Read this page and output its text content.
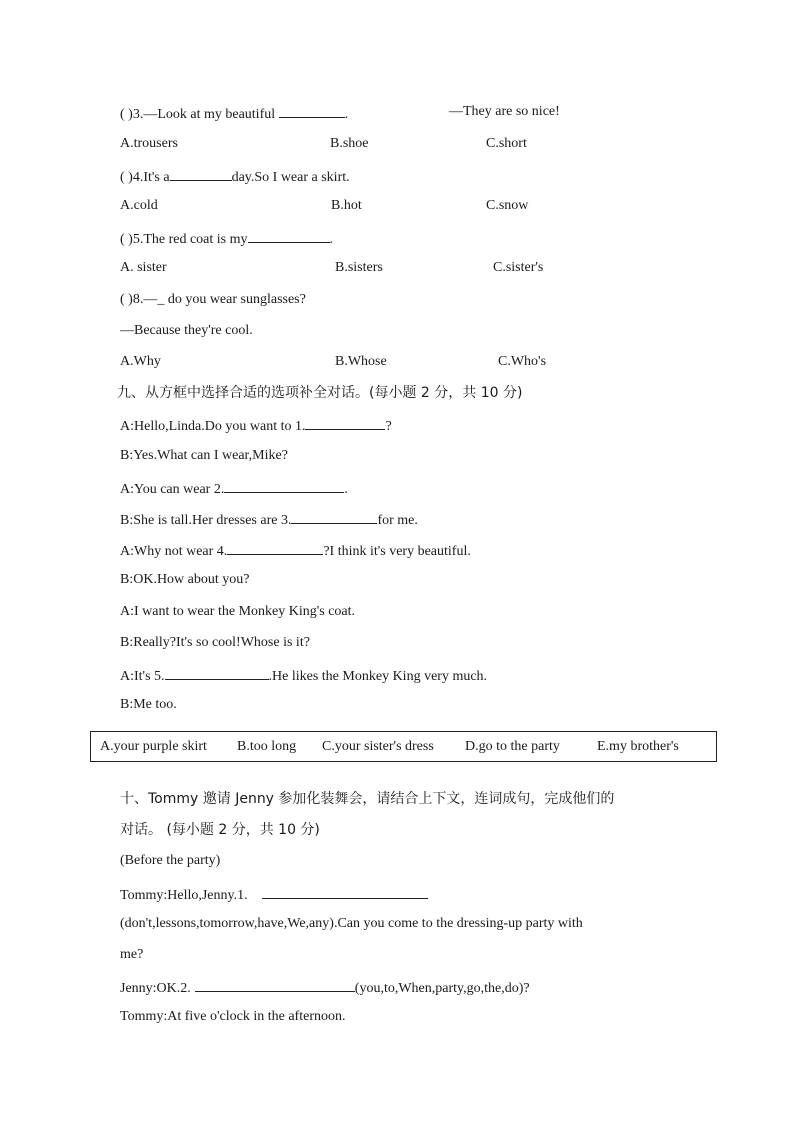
( )3.—Look at my beautiful	.	—They are so nice!
A.trousers	B.shoe	C.short
( )4.It's a	day.So I wear a skirt.
A.cold	B.hot	C.snow
( )5.The red coat is my	.
A. sister	B.sisters	C.sister's
( )8.—_ do you wear sunglasses?
—Because they're cool.
A.Why	B.Whose	C.Who's
九、从方框中选择合适的选项补全对话。(每小题 2 分，共 10 分)
A:Hello,Linda.Do you want to 1.	?
B:Yes.What can I wear,Mike?
A:You can wear 2.	.
B:She is tall.Her dresses are 3.	for me.
A:Why not wear 4.	?I think it's very beautiful.
B:OK.How about you?
A:I want to wear the Monkey King's coat.
B:Really?It's so cool!Whose is it?
A:It's 5.	.He likes the Monkey King very much.
B:Me too.
A.your purple skirt B.too long C.your sister's dress D.go to the party	E.my brother's
十、Tommy 邀请 Jenny 参加化装舞会，请结合上下文，连词成句，完成他们的
对话。 (每小题 2 分，共 10 分)
(Before the party)
Tommy:Hello,Jenny.1.
(don't,lessons,tomorrow,have,We,any).Can you come to the dressing-up party with
me?
Jenny:OK.2.	(you,to,When,party,go,the,do)?
Tommy:At five o'clock in the afternoon.
